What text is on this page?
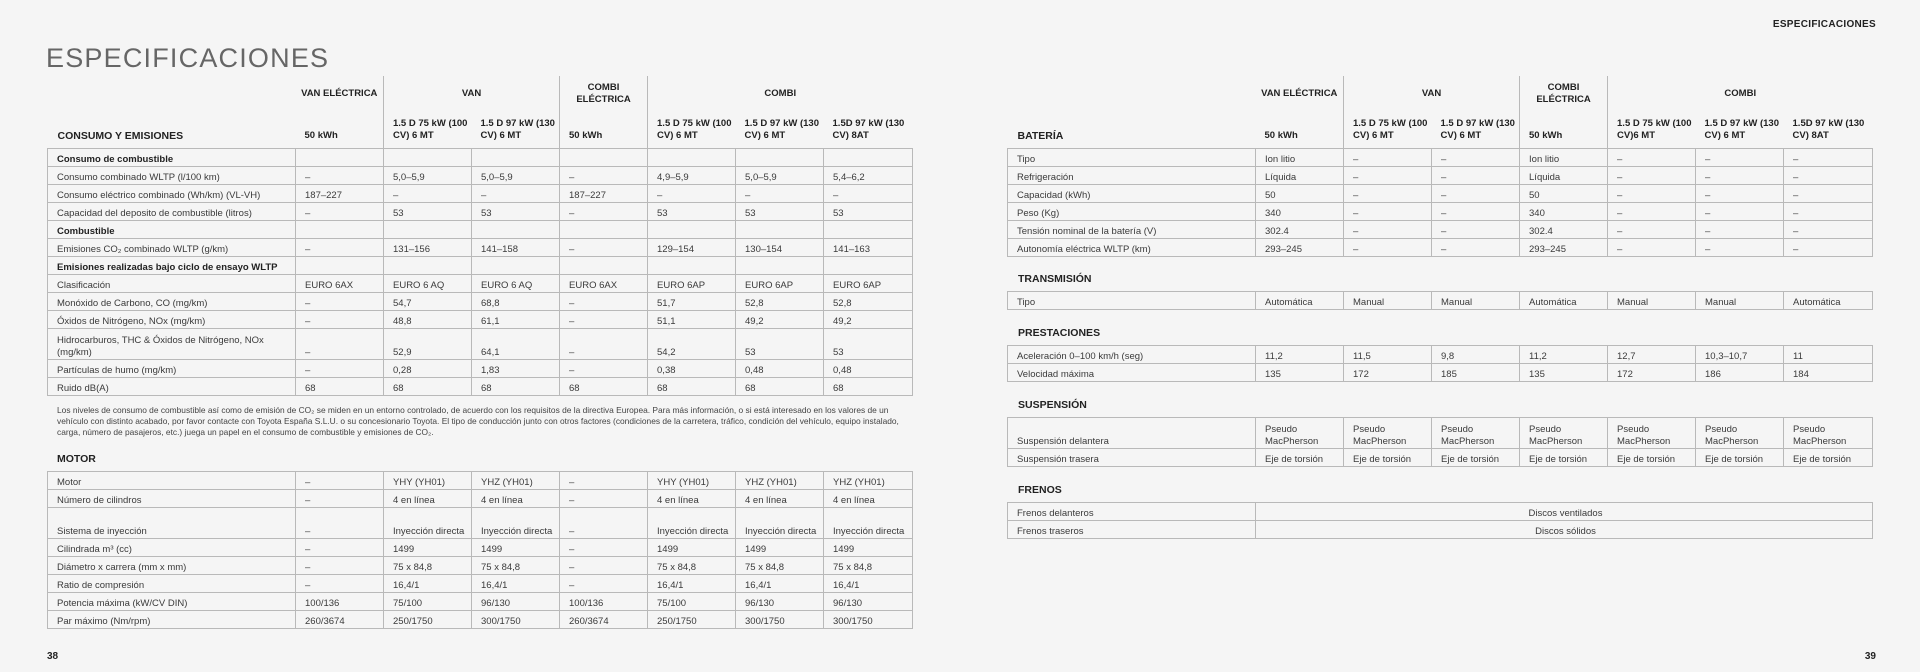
ESPECIFICACIONES
ESPECIFICACIONES
38	39
	VAN ELÉCTRICA	VAN		COMBI ELÉCTRICA	COMBI		
CONSUMO Y EMISIONES	50 kWh	1.5 D 75 kW (100 CV) 6 MT	1.5 D 97 kW (130 CV) 6 MT	50 kWh	1.5 D 75 kW (100 CV) 6 MT	1.5 D 97 kW (130 CV) 6 MT	1.5D 97 kW (130 CV) 8AT
Consumo de combustible							
Consumo combinado WLTP (l/100 km)	–	5,0–5,9	5,0–5,9	–	4,9–5,9	5,0–5,9	5,4–6,2
Consumo eléctrico combinado (Wh/km) (VL-VH)	187–227	–	–	187–227	–	–	–
Capacidad del deposito de combustible (litros)	–	53	53	–	53	53	53
Combustible							
Emisiones CO₂ combinado WLTP (g/km)	–	131–156	141–158	–	129–154	130–154	141–163
Emisiones realizadas bajo ciclo de ensayo WLTP							
Clasificación	EURO 6AX	EURO 6 AQ	EURO 6 AQ	EURO 6AX	EURO 6AP	EURO 6AP	EURO 6AP
Monóxido de Carbono, CO (mg/km)	–	54,7	68,8	–	51,7	52,8	52,8
Óxidos de Nitrógeno, NOx (mg/km)	–	48,8	61,1	–	51,1	49,2	49,2
Hidrocarburos, THC & Óxidos de Nitrógeno, NOx (mg/km)	–	52,9	64,1	–	54,2	53	53
Partículas de humo (mg/km)	–	0,28	1,83	–	0,38	0,48	0,48
Ruido dB(A)	68	68	68	68	68	68	68
Los niveles de consumo de combustible así como de emisión de CO₂ se miden en un entorno controlado, de acuerdo con los requisitos de la directiva Europea. Para más información, o si está interesado en los valores de un vehículo con distinto acabado, por favor contacte con Toyota España S.L.U. o su concesionario Toyota. El tipo de conducción junto con otros factores (condiciones de la carretera, tráfico, condición del vehículo, equipo instalado, carga, número de pasajeros, etc.) juega un papel en el consumo de combustible y emisiones de CO₂.
MOTOR
Motor	–	YHY (YH01)	YHZ (YH01)	–	YHY (YH01)	YHZ (YH01)	YHZ (YH01)
Número de cilindros	–	4 en línea	4 en línea	–	4 en línea	4 en línea	4 en línea
Sistema de inyección	–	Inyección directa	Inyección directa	–	Inyección directa	Inyección directa	Inyección directa
Cilindrada m³ (cc)	–	1499	1499	–	1499	1499	1499
Diámetro x carrera (mm x mm)	–	75 x 84,8	75 x 84,8	–	75 x 84,8	75 x 84,8	75 x 84,8
Ratio de compresión	–	16,4/1	16,4/1	–	16,4/1	16,4/1	16,4/1
Potencia máxima (kW/CV DIN)	100/136	75/100	96/130	100/136	75/100	96/130	96/130
Par máximo (Nm/rpm)	260/3674	250/1750	300/1750	260/3674	250/1750	300/1750	300/1750
	VAN ELÉCTRICA	VAN		COMBI ELÉCTRICA	COMBI		
BATERÍA	50 kWh	1.5 D 75 kW (100 CV) 6 MT	1.5 D 97 kW (130 CV) 6 MT	50 kWh	1.5 D 75 kW (100 CV)6 MT	1.5 D 97 kW (130 CV) 6 MT	1.5D 97 kW (130 CV) 8AT
Tipo	Ion litio	–	–	Ion litio	–	–	–
Refrigeración	Líquida	–	–	Líquida	–	–	–
Capacidad (kWh)	50	–	–	50	–	–	–
Peso (Kg)	340	–	–	340	–	–	–
Tensión nominal de la batería (V)	302.4	–	–	302.4	–	–	–
Autonomía eléctrica WLTP (km)	293–245	–	–	293–245	–	–	–
TRANSMISIÓN
Tipo	Automática	Manual	Manual	Automática	Manual	Manual	Automática
PRESTACIONES
Aceleración 0–100 km/h (seg)	11,2	11,5	9,8	11,2	12,7	10,3–10,7	11
Velocidad máxima	135	172	185	135	172	186	184
SUSPENSIÓN
Suspensión delantera	Pseudo MacPherson	Pseudo MacPherson	Pseudo MacPherson	Pseudo MacPherson	Pseudo MacPherson	Pseudo MacPherson	Pseudo MacPherson
Suspensión trasera	Eje de torsión	Eje de torsión	Eje de torsión	Eje de torsión	Eje de torsión	Eje de torsión	Eje de torsión
FRENOS
Frenos delanteros	Discos ventilados
Frenos traseros	Discos sólidos
